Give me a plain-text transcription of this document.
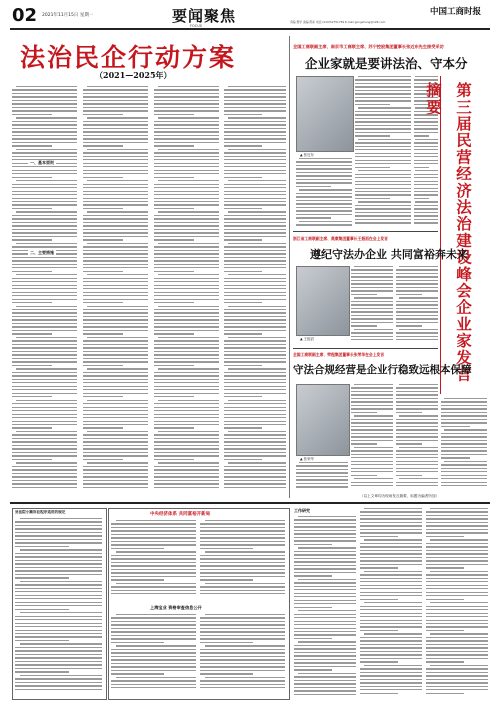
02 2021年11月15日 星期一	要闻聚焦
FOCUS
责编 樊学 美编 陈彩 电话 (010)52751759 E-mail:gongshang@126.com
中国工商时报
法治民企行动方案
（2021—2025年）
一、基本原则
二、主要措施
全国工商联副主席、南京市工商联主席、苏宁控股集团董事长张近东先生接受采访
企业家就是要讲法治、守本分
▲ 张近东	第三届民营经济法治建设峰会企业家发言摘要
浙江省工商联副主席、奥康集团董事长王振滔在会上发言
遵纪守法办企业 共同富裕奔未来
▲ 王振滔
全国工商联副主席、荣程集团董事长张荣华在会上发言
守法合规经营是企业行稳致远根本保障
▲ 张荣华
（以上文章均为现场发言摘要，标题为编者所加）
县法院小额诉讼程序适用的规定	中央经济体系 共同富裕开新局
上海宝业 资格审查信息公开
工作研究
